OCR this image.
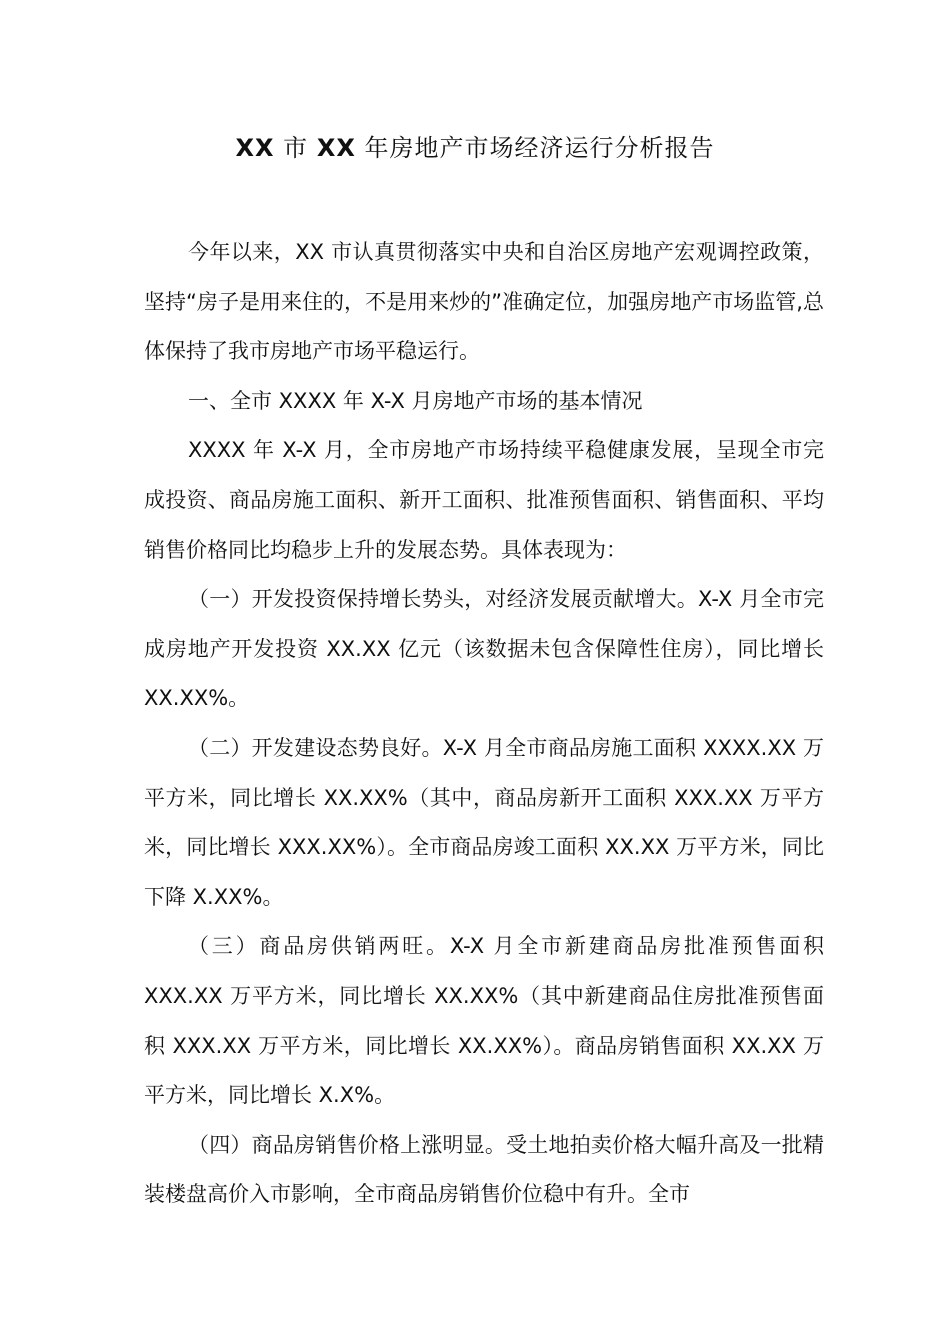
XX 市 XX 年房地产市场经济运行分析报告

今年以来，XX 市认真贯彻落实中央和自治区房地产宏观调控政策，坚持“房子是用来住的，不是用来炒的”准确定位，加强房地产市场监管,总体保持了我市房地产市场平稳运行。

一、全市 XXXX 年 X-X 月房地产市场的基本情况

XXXX 年 X-X 月，全市房地产市场持续平稳健康发展，呈现全市完成投资、商品房施工面积、新开工面积、批准预售面积、销售面积、平均销售价格同比均稳步上升的发展态势。具体表现为：

（一）开发投资保持增长势头，对经济发展贡献增大。X-X 月全市完成房地产开发投资 XX.XX 亿元（该数据未包含保障性住房），同比增长 XX.XX%。

（二）开发建设态势良好。X-X 月全市商品房施工面积 XXXX.XX 万平方米，同比增长 XX.XX%（其中，商品房新开工面积 XXX.XX 万平方米，同比增长 XXX.XX%）。全市商品房竣工面积 XX.XX 万平方米，同比下降 X.XX%。

（三）商品房供销两旺。X-X 月全市新建商品房批准预售面积 XXX.XX 万平方米，同比增长 XX.XX%（其中新建商品住房批准预售面积 XXX.XX 万平方米，同比增长 XX.XX%）。商品房销售面积 XX.XX 万平方米，同比增长 X.X%。

（四）商品房销售价格上涨明显。受土地拍卖价格大幅升高及一批精装楼盘高价入市影响，全市商品房销售价位稳中有升。全市
